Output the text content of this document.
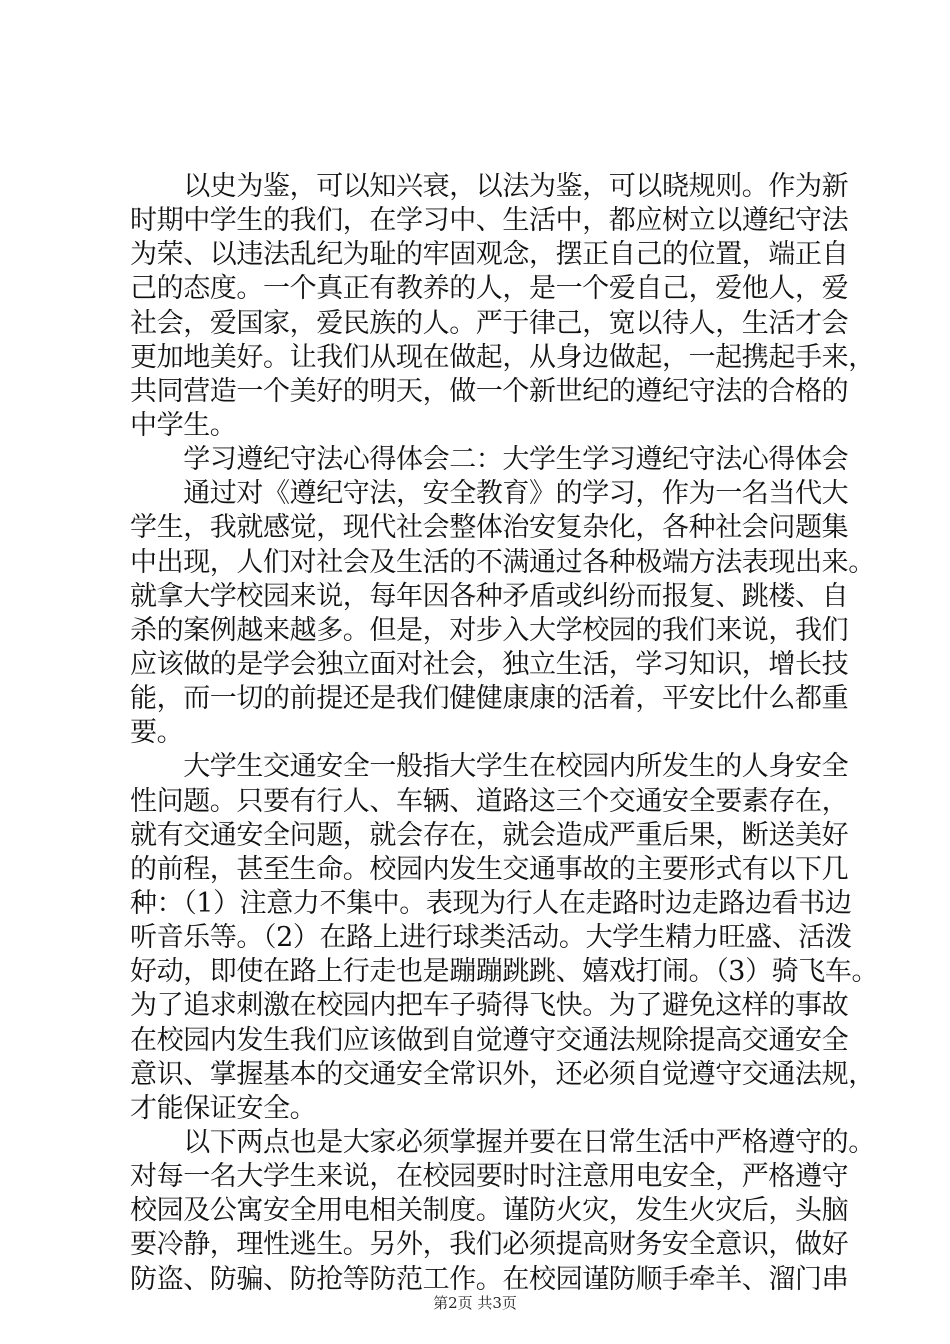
　　以史为鉴，可以知兴衰，以法为鉴，可以晓规则。作为新
时期中学生的我们，在学习中、生活中，都应树立以遵纪守法
为荣、以违法乱纪为耻的牢固观念，摆正自己的位置，端正自
己的态度。一个真正有教养的人，是一个爱自己，爱他人，爱
社会，爱国家，爱民族的人。严于律己，宽以待人，生活才会
更加地美好。让我们从现在做起，从身边做起，一起携起手来，
共同营造一个美好的明天，做一个新世纪的遵纪守法的合格的
中学生。
　　学习遵纪守法心得体会二：大学生学习遵纪守法心得体会
　　通过对《遵纪守法，安全教育》的学习，作为一名当代大
学生，我就感觉，现代社会整体治安复杂化，各种社会问题集
中出现，人们对社会及生活的不满通过各种极端方法表现出来。
就拿大学校园来说，每年因各种矛盾或纠纷而报复、跳楼、自
杀的案例越来越多。但是，对步入大学校园的我们来说，我们
应该做的是学会独立面对社会，独立生活，学习知识，增长技
能，而一切的前提还是我们健健康康的活着，平安比什么都重
要。
　　大学生交通安全一般指大学生在校园内所发生的人身安全
性问题。只要有行人、车辆、道路这三个交通安全要素存在，
就有交通安全问题，就会存在，就会造成严重后果，断送美好
的前程，甚至生命。校园内发生交通事故的主要形式有以下几
种：（1）注意力不集中。表现为行人在走路时边走路边看书边
听音乐等。（2）在路上进行球类活动。大学生精力旺盛、活泼
好动，即使在路上行走也是蹦蹦跳跳、嬉戏打闹。（3）骑飞车。
为了追求刺激在校园内把车子骑得飞快。为了避免这样的事故
在校园内发生我们应该做到自觉遵守交通法规除提高交通安全
意识、掌握基本的交通安全常识外，还必须自觉遵守交通法规，
才能保证安全。
　　以下两点也是大家必须掌握并要在日常生活中严格遵守的。
对每一名大学生来说，在校园要时时注意用电安全，严格遵守
校园及公寓安全用电相关制度。谨防火灾，发生火灾后，头脑
要冷静，理性逃生。另外，我们必须提高财务安全意识，做好
防盗、防骗、防抢等防范工作。在校园谨防顺手牵羊、溜门串
第2页 共3页
